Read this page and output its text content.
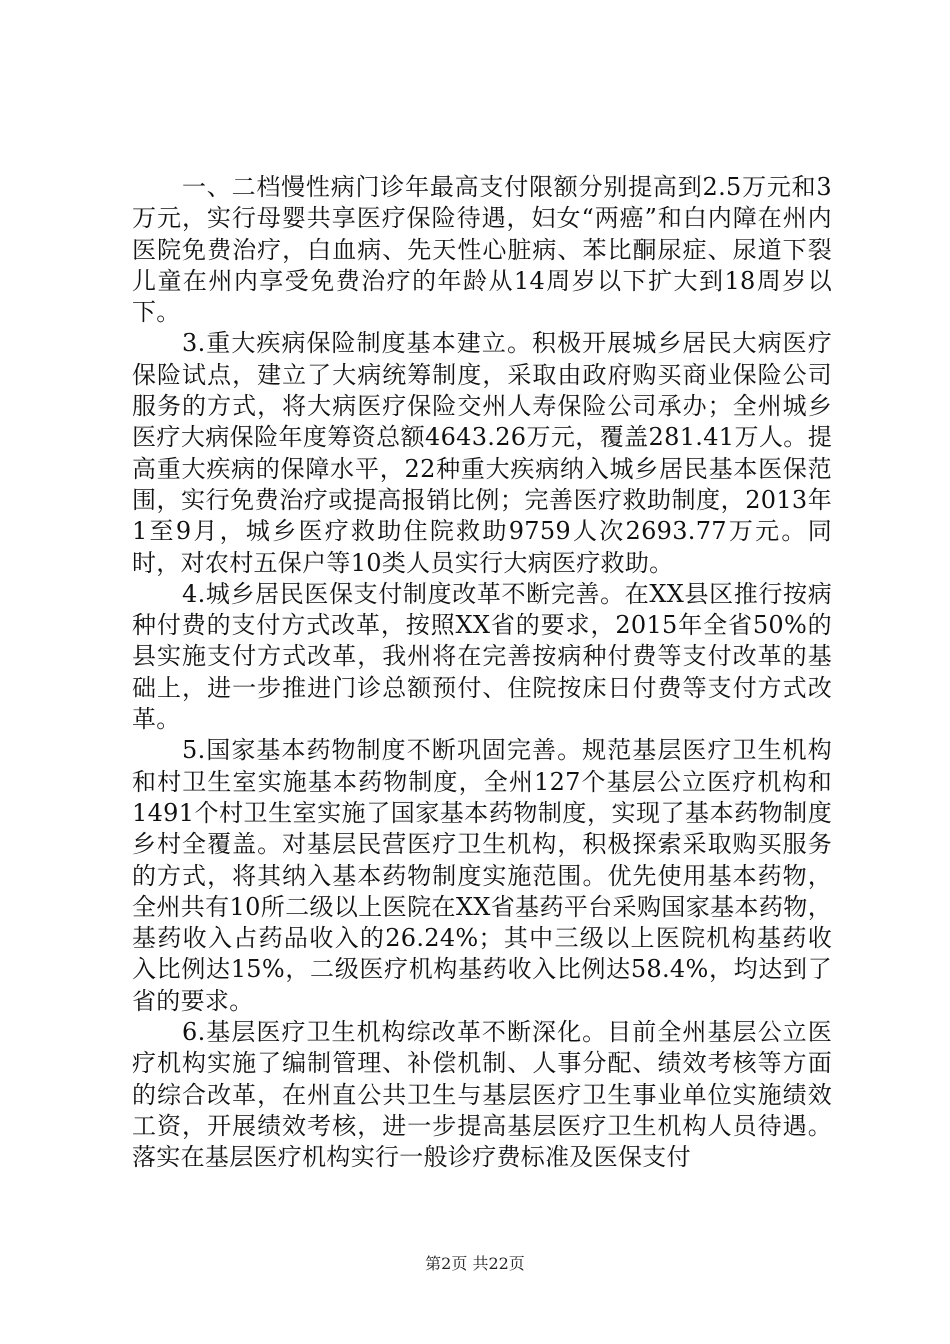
一、二档慢性病门诊年最高支付限额分别提高到2.5万元和3万元，实行母婴共享医疗保险待遇，妇女“两癌”和白内障在州内医院免费治疗，白血病、先天性心脏病、苯比酮尿症、尿道下裂儿童在州内享受免费治疗的年龄从14周岁以下扩大到18周岁以下。

3.重大疾病保险制度基本建立。积极开展城乡居民大病医疗保险试点，建立了大病统筹制度，采取由政府购买商业保险公司服务的方式，将大病医疗保险交州人寿保险公司承办；全州城乡医疗大病保险年度筹资总额4643.26万元，覆盖281.41万人。提高重大疾病的保障水平，22种重大疾病纳入城乡居民基本医保范围，实行免费治疗或提高报销比例；完善医疗救助制度，2013年1至9月，城乡医疗救助住院救助9759人次2693.77万元。同时，对农村五保户等10类人员实行大病医疗救助。

4.城乡居民医保支付制度改革不断完善。在XX县区推行按病种付费的支付方式改革，按照XX省的要求，2015年全省50%的县实施支付方式改革，我州将在完善按病种付费等支付改革的基础上，进一步推进门诊总额预付、住院按床日付费等支付方式改革。

5.国家基本药物制度不断巩固完善。规范基层医疗卫生机构和村卫生室实施基本药物制度，全州127个基层公立医疗机构和1491个村卫生室实施了国家基本药物制度，实现了基本药物制度乡村全覆盖。对基层民营医疗卫生机构，积极探索采取购买服务的方式，将其纳入基本药物制度实施范围。优先使用基本药物，全州共有10所二级以上医院在XX省基药平台采购国家基本药物，基药收入占药品收入的26.24%；其中三级以上医院机构基药收入比例达15%，二级医疗机构基药收入比例达58.4%，均达到了省的要求。

6.基层医疗卫生机构综改革不断深化。目前全州基层公立医疗机构实施了编制管理、补偿机制、人事分配、绩效考核等方面的综合改革，在州直公共卫生与基层医疗卫生事业单位实施绩效工资，开展绩效考核，进一步提高基层医疗卫生机构人员待遇。落实在基层医疗机构实行一般诊疗费标准及医保支付

第2页 共22页
